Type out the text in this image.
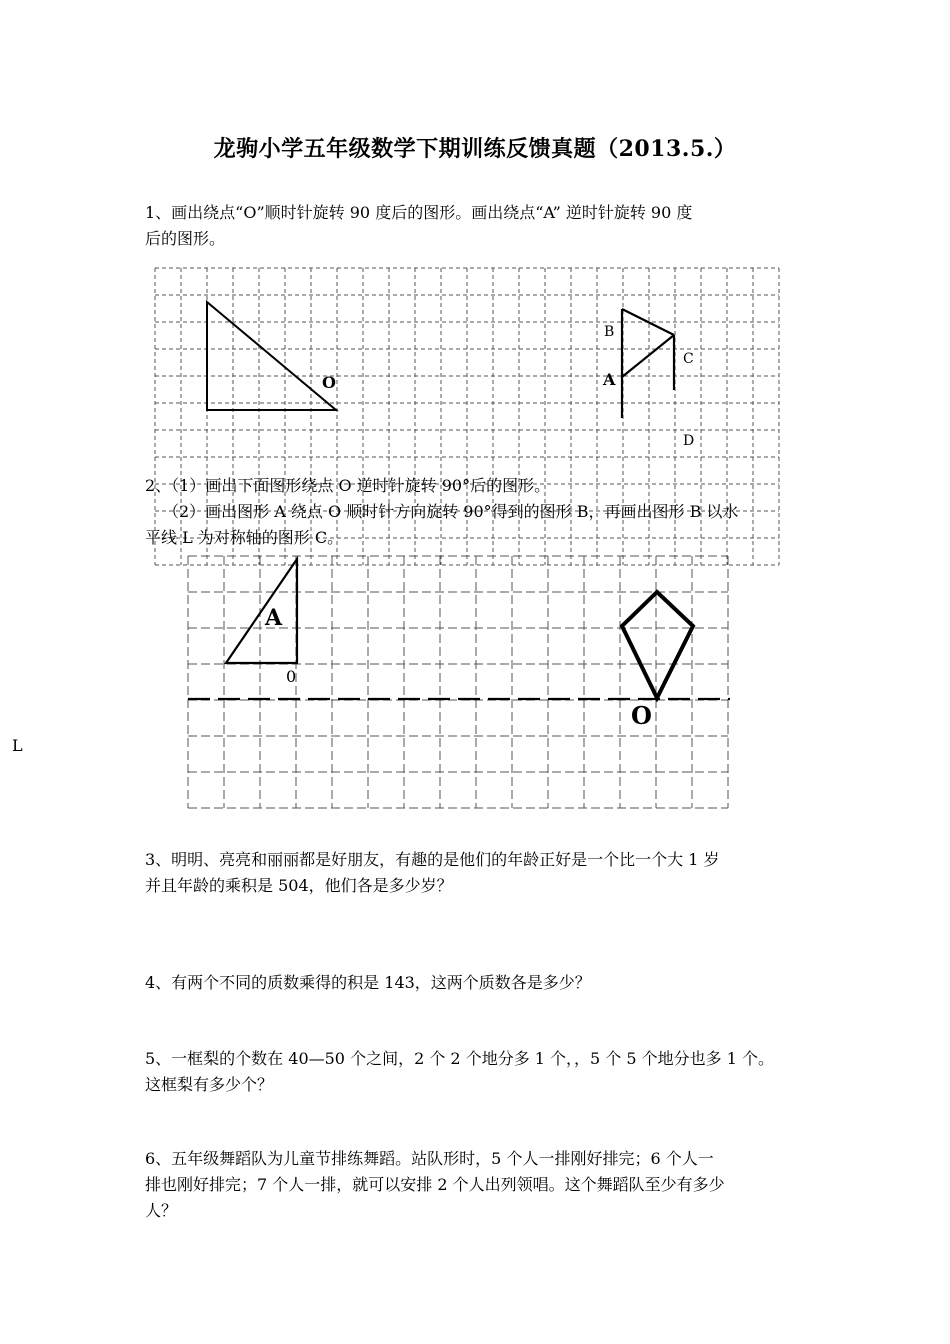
龙驹小学五年级数学下期训练反馈真题（2013.5.）
1、画出绕点“O”顺时针旋转 90 度后的图形。画出绕点“A” 逆时针旋转 90 度
后的图形。
O
B
C
A
D
A
0
O
2、（1）画出下面图形绕点 O 逆时针旋转 90°后的图形。
（2）画出图形 A 绕点 O 顺时针方向旋转 90°得到的图形 B，再画出图形 B 以水
平线 L 为对称轴的图形 C。
L
3、明明、亮亮和丽丽都是好朋友，有趣的是他们的年龄正好是一个比一个大 1 岁
并且年龄的乘积是 504，他们各是多少岁？
4、有两个不同的质数乘得的积是 143，这两个质数各是多少？
5、一框梨的个数在 40—50 个之间，2 个 2 个地分多 1 个，，5 个 5 个地分也多 1 个。
这框梨有多少个？
6、五年级舞蹈队为儿童节排练舞蹈。站队形时，5 个人一排刚好排完；6 个人一
排也刚好排完；7 个人一排，就可以安排 2 个人出列领唱。这个舞蹈队至少有多少
人？
